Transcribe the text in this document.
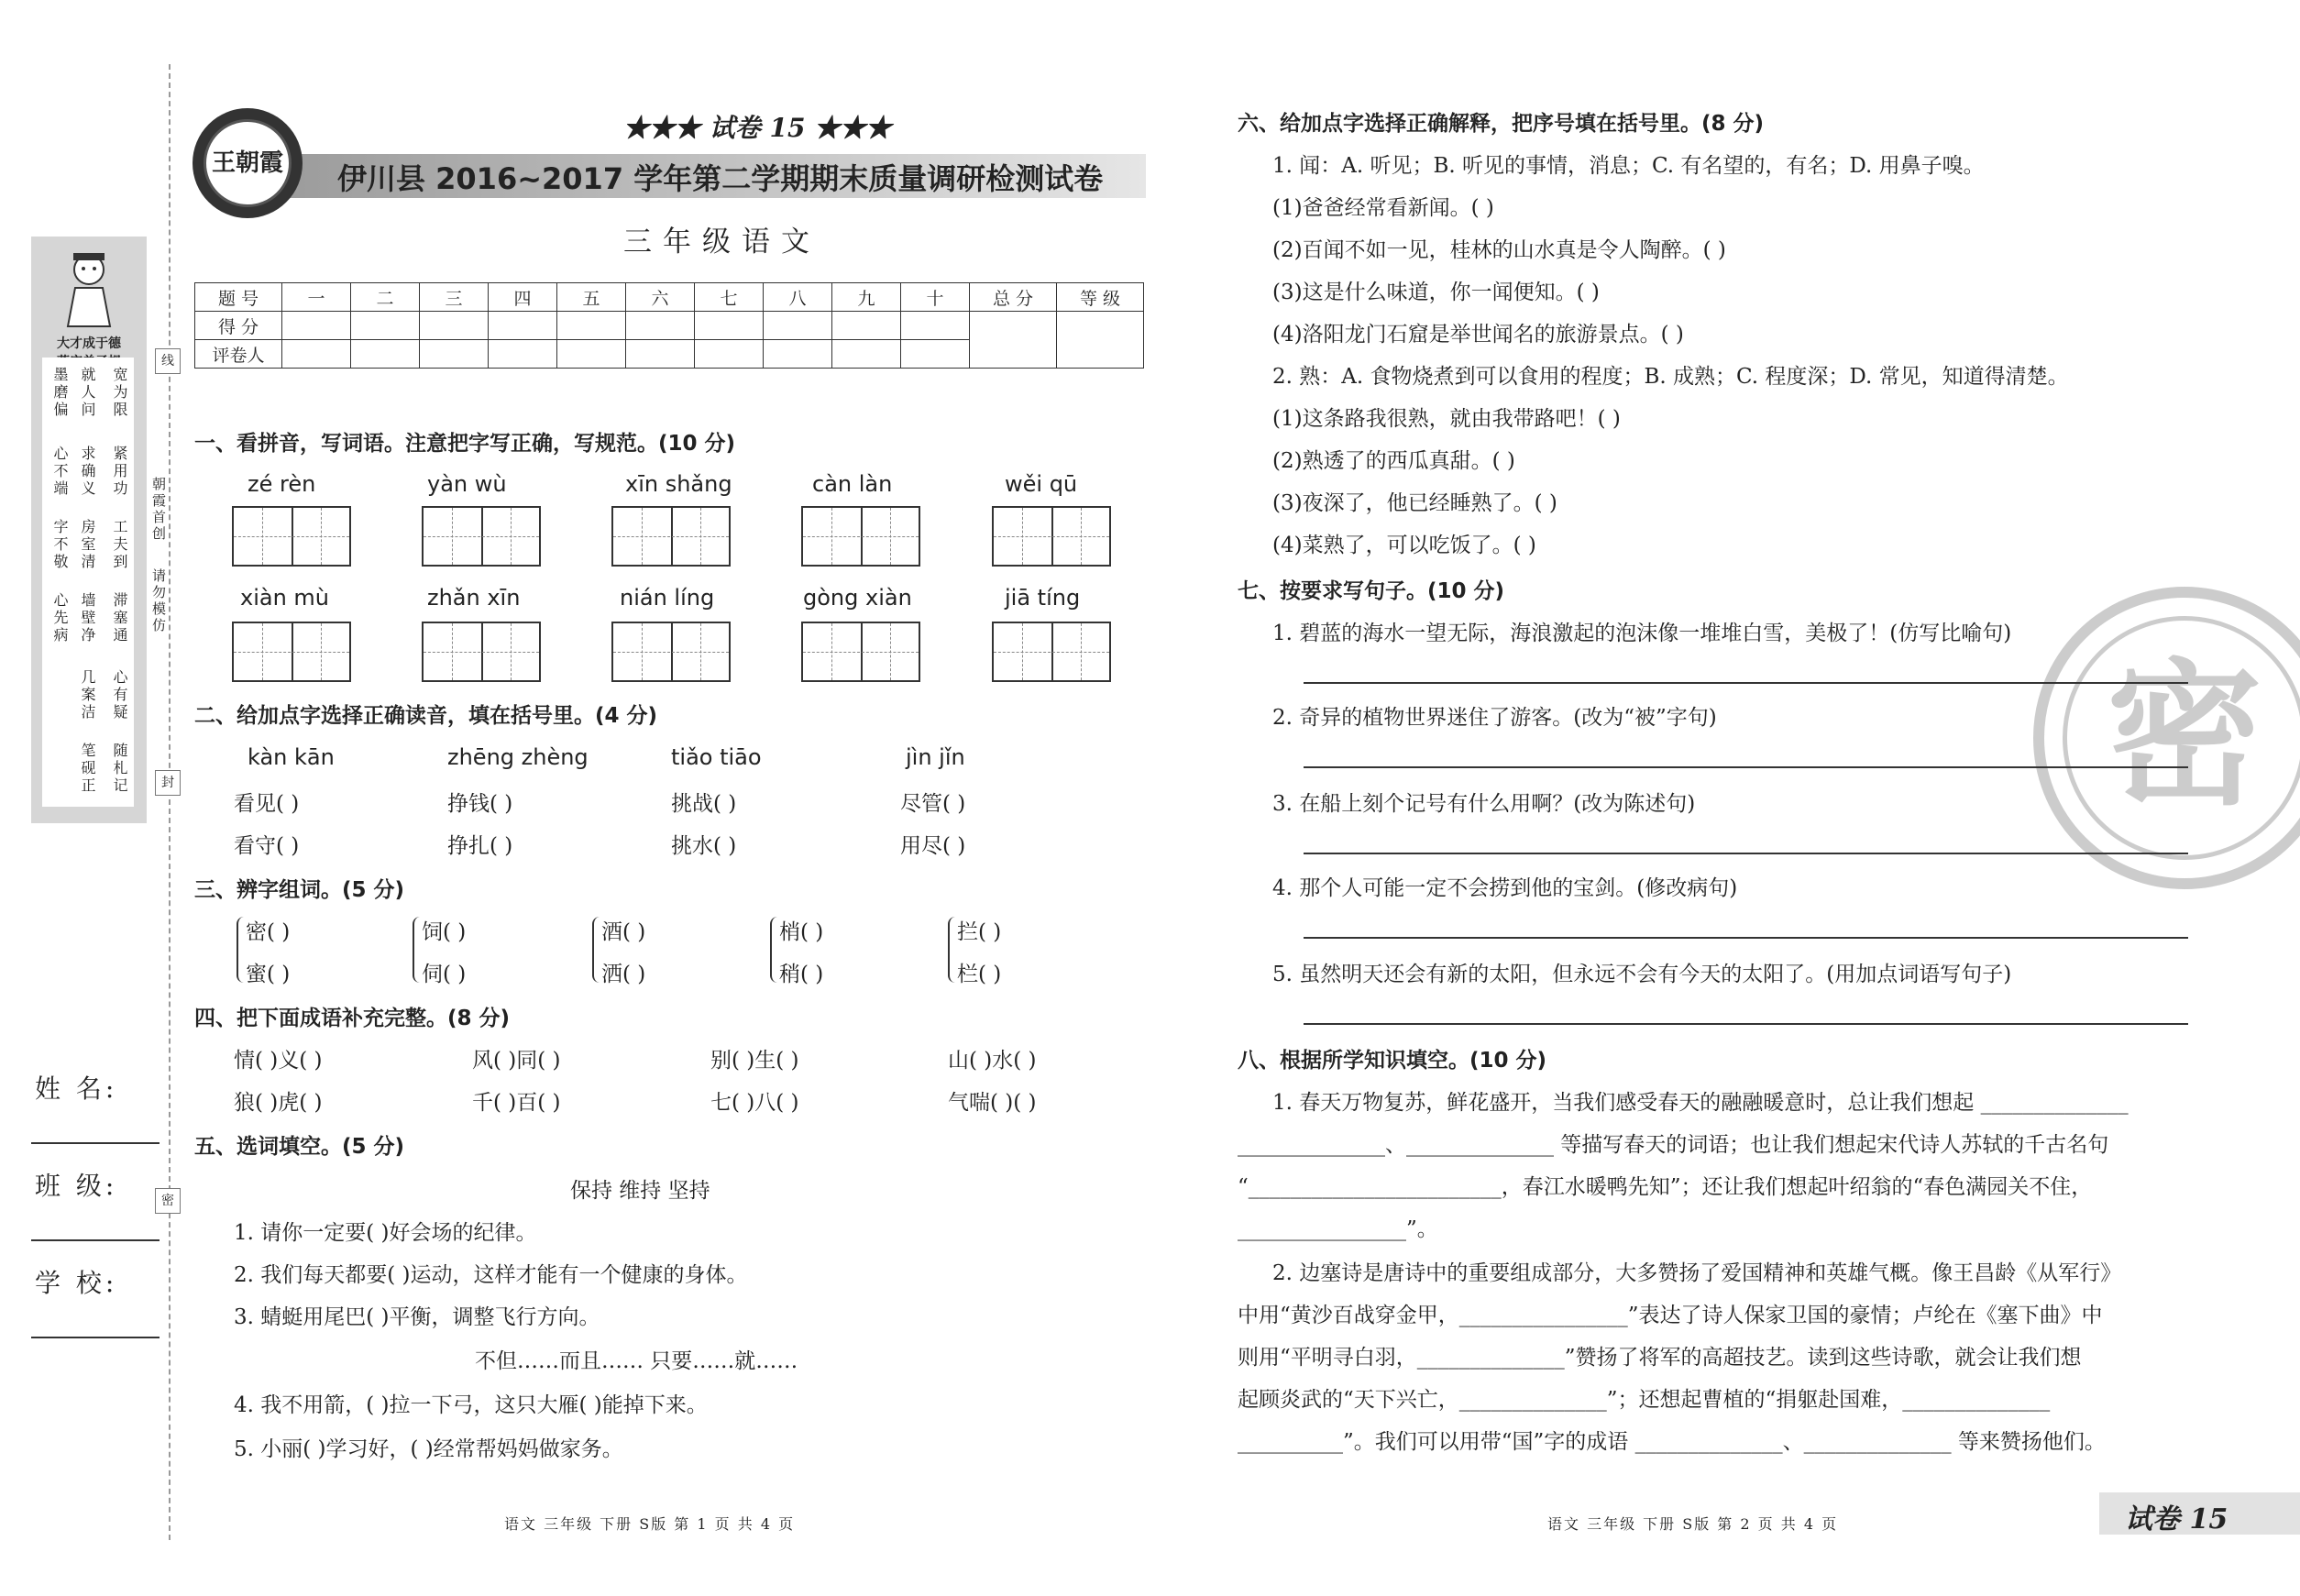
大才成于德
宽为限
就人问
墨磨偏
紧用功
求确义
心不端
工夫到
房室清
字不敬
滞塞通
墙壁净
心先病
心有疑
几案洁
随札记
笔砚正
线
封
密
朝霞首创
请勿模仿
姓 名:
班 级:
学 校:
王朝霞
★★★ 试卷 15 ★★★
伊川县 2016~2017 学年第二学期期末质量调研检测试卷
三年级语文
题 号	一	二	三	四	五	六	七	八	九	十	总 分	等 级
得 分												
评卷人												
一、看拼音，写词语。注意把字写正确，写规范。(10 分)
zé rèn	yàn wù	xīn shǎng	càn làn	wěi qū
xiàn mù	zhǎn xīn	nián líng	gòng xiàn	jiā tíng
二、给加点字选择正确读音，填在括号里。(4 分)
kàn kān	zhēng zhèng	tiǎo tiāo	jìn jǐn
看见( )	挣钱( )	挑战( )	尽管( )
看守( )	挣扎( )	挑水( )	用尽( )
三、辨字组词。(5 分)
密( )	饲( )	酒( )	梢( )	拦( )
蜜( )	伺( )	洒( )	稍( )	栏( )
四、把下面成语补充完整。(8 分)
情( )义( )	风( )同( )	别( )生( )	山( )水( )
狼( )虎( )	千( )百( )	七( )八( )	气喘( )( )
五、选词填空。(5 分)
保持 维持 坚持
1. 请你一定要( )好会场的纪律。
2. 我们每天都要( )运动，这样才能有一个健康的身体。
3. 蜻蜓用尾巴( )平衡，调整飞行方向。
不但……而且…… 只要……就……
4. 我不用箭，( )拉一下弓，这只大雁( )能掉下来。
5. 小丽( )学习好，( )经常帮妈妈做家务。
密
六、给加点字选择正确解释，把序号填在括号里。(8 分)
1. 闻：A. 听见；B. 听见的事情，消息；C. 有名望的，有名；D. 用鼻子嗅。
(1)爸爸经常看新闻。( )
(2)百闻不如一见，桂林的山水真是令人陶醉。( )
(3)这是什么味道，你一闻便知。( )
(4)洛阳龙门石窟是举世闻名的旅游景点。( )
2. 熟：A. 食物烧煮到可以食用的程度；B. 成熟；C. 程度深；D. 常见，知道得清楚。
(1)这条路我很熟，就由我带路吧！( )
(2)熟透了的西瓜真甜。( )
(3)夜深了，他已经睡熟了。( )
(4)菜熟了，可以吃饭了。( )
七、按要求写句子。(10 分)
1. 碧蓝的海水一望无际，海浪激起的泡沫像一堆堆白雪，美极了！(仿写比喻句)
2. 奇异的植物世界迷住了游客。(改为“被”字句)
3. 在船上刻个记号有什么用啊？(改为陈述句)
4. 那个人可能一定不会捞到他的宝剑。(修改病句)
5. 虽然明天还会有新的太阳，但永远不会有今天的太阳了。(用加点词语写句子)
八、根据所学知识填空。(10 分)
1. 春天万物复苏，鲜花盛开，当我们感受春天的融融暖意时，总让我们想起 ______________
______________、______________ 等描写春天的词语；也让我们想起宋代诗人苏轼的千古名句
“________________________，春江水暖鸭先知”；还让我们想起叶绍翁的“春色满园关不住，
________________”。
2. 边塞诗是唐诗中的重要组成部分，大多赞扬了爱国精神和英雄气概。像王昌龄《从军行》
中用“黄沙百战穿金甲，________________”表达了诗人保家卫国的豪情；卢纶在《塞下曲》中
则用“平明寻白羽，______________”赞扬了将军的高超技艺。读到这些诗歌，就会让我们想
起顾炎武的“天下兴亡，______________”；还想起曹植的“捐躯赴国难，______________
__________”。我们可以用带“国”字的成语 ______________、______________ 等来赞扬他们。
语文 三年级 下册 S版 第 1 页 共 4 页	语文 三年级 下册 S版 第 2 页 共 4 页	试卷 15
